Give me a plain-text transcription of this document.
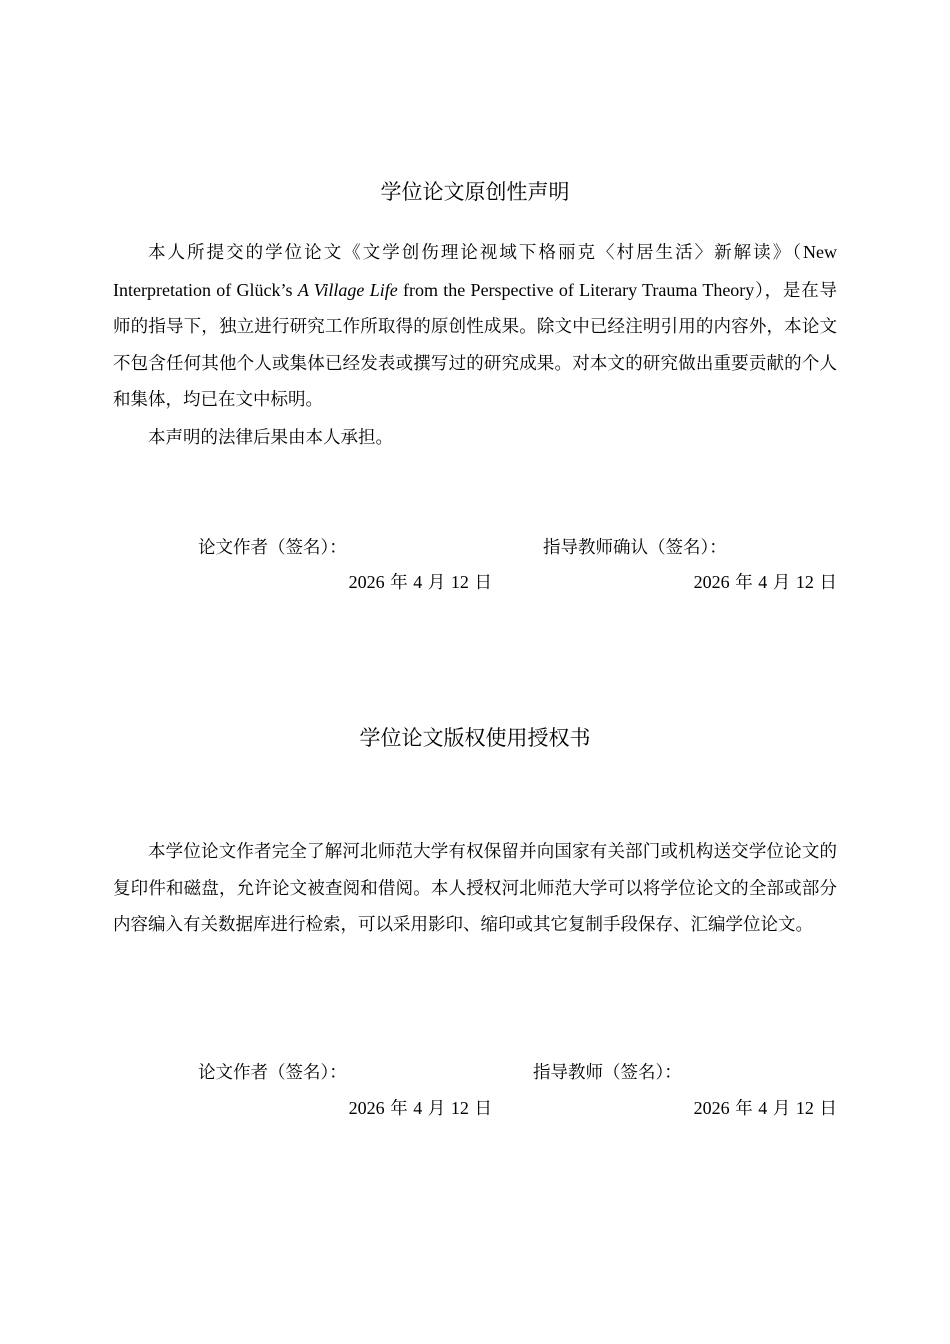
学位论文原创性声明

本人所提交的学位论文《文学创伤理论视域下格丽克〈村居生活〉新解读》（New Interpretation of Glück’s A Village Life from the Perspective of Literary Trauma Theory），是在导师的指导下，独立进行研究工作所取得的原创性成果。除文中已经注明引用的内容外，本论文不包含任何其他个人或集体已经发表或撰写过的研究成果。对本文的研究做出重要贡献的个人和集体，均已在文中标明。

本声明的法律后果由本人承担。

论文作者（签名）：	指导教师确认（签名）：
2026 年 4 月 12 日	2026 年 4 月 12 日
学位论文版权使用授权书

本学位论文作者完全了解河北师范大学有权保留并向国家有关部门或机构送交学位论文的复印件和磁盘，允许论文被查阅和借阅。本人授权河北师范大学可以将学位论文的全部或部分内容编入有关数据库进行检索，可以采用影印、缩印或其它复制手段保存、汇编学位论文。

论文作者（签名）：	指导教师（签名）：
2026 年 4 月 12 日	2026 年 4 月 12 日
